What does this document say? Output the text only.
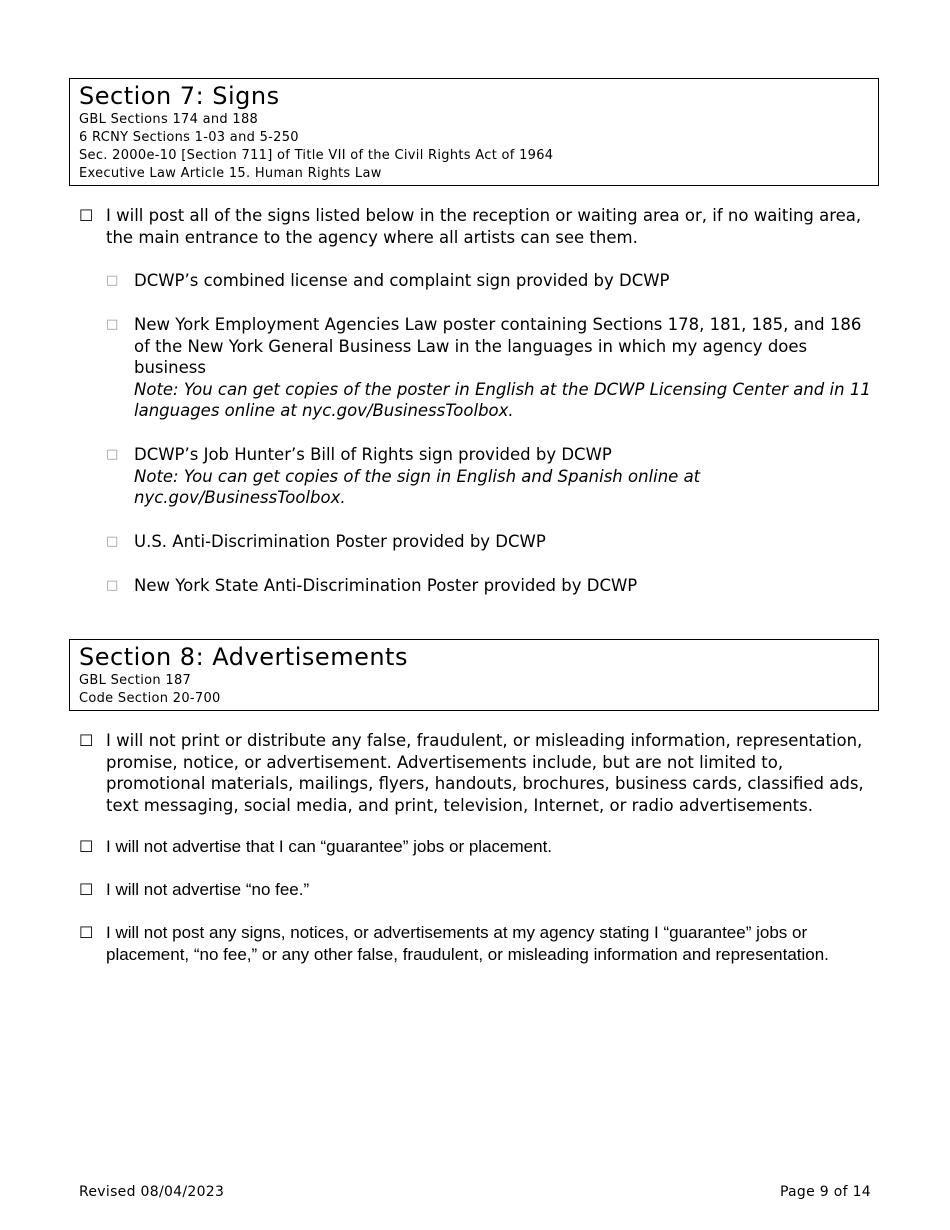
Section 7: Signs
GBL Sections 174 and 188
6 RCNY Sections 1-03 and 5-250
Sec. 2000e-10 [Section 711] of Title VII of the Civil Rights Act of 1964
Executive Law Article 15. Human Rights Law
☐ I will post all of the signs listed below in the reception or waiting area or, if no waiting area, the main entrance to the agency where all artists can see them.
□ DCWP’s combined license and complaint sign provided by DCWP
□ New York Employment Agencies Law poster containing Sections 178, 181, 185, and 186 of the New York General Business Law in the languages in which my agency does business
Note: You can get copies of the poster in English at the DCWP Licensing Center and in 11 languages online at nyc.gov/BusinessToolbox.
□ DCWP’s Job Hunter’s Bill of Rights sign provided by DCWP
Note: You can get copies of the sign in English and Spanish online at nyc.gov/BusinessToolbox.
□ U.S. Anti-Discrimination Poster provided by DCWP
□ New York State Anti-Discrimination Poster provided by DCWP
Section 8: Advertisements
GBL Section 187
Code Section 20-700
☐ I will not print or distribute any false, fraudulent, or misleading information, representation, promise, notice, or advertisement. Advertisements include, but are not limited to, promotional materials, mailings, flyers, handouts, brochures, business cards, classified ads, text messaging, social media, and print, television, Internet, or radio advertisements.
☐ I will not advertise that I can “guarantee” jobs or placement.
☐ I will not advertise “no fee.”
☐ I will not post any signs, notices, or advertisements at my agency stating I “guarantee” jobs or placement, “no fee,” or any other false, fraudulent, or misleading information and representation.
Revised 08/04/2023	Page 9 of 14
